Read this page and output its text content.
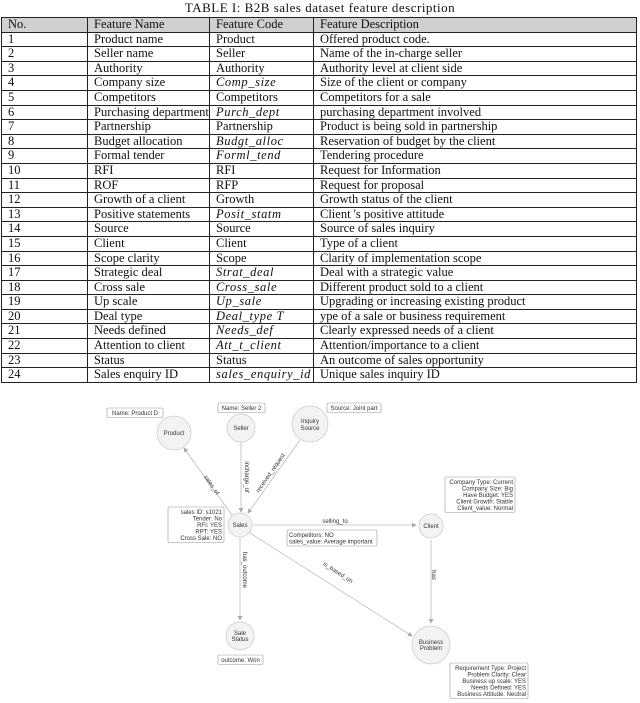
TABLE I: B2B sales dataset feature description
No.	Feature Name	Feature Code	Feature Description
1	Product name	Product	Offered product code.
2	Seller name	Seller	Name of the in-charge seller
3	Authority	Authority	Authority level at client side
4	Company size	Comp_size	Size of the client or company
5	Competitors	Competitors	Competitors for a sale
6	Purchasing department	Purch_dept	purchasing department involved
7	Partnership	Partnership	Product is being sold in partnership
8	Budget allocation	Budgt_alloc	Reservation of budget by the client
9	Formal tender	Forml_tend	Tendering procedure
10	RFI	RFI	Request for Information
11	ROF	RFP	Request for proposal
12	Growth of a client	Growth	Growth status of the client
13	Positive statements	Posit_statm	Client 's positive attitude
14	Source	Source	Source of sales inquiry
15	Client	Client	Type of a client
16	Scope clarity	Scope	Clarity of implementation scope
17	Strategic deal	Strat_deal	Deal with a strategic value
18	Cross sale	Cross_sale	Different product sold to a client
19	Up scale	Up_sale	Upgrading or increasing existing product
20	Deal type	Deal_type T	ype of a sale or business requirement
21	Needs defined	Needs_def	Clearly expressed needs of a client
22	Attention to client	Att_t_client	Attention/importance to a client
23	Status	Status	An outcome of sales opportunity
24	Sales enquiry ID	sales_enquiry_id	Unique sales inquiry ID
Product
Seller
Inquiry
Source
Sales	Client
Sale
Status	Business
Problem
sales_of	incharge_of received_request
selling_to
has_outcome	is_based_on	has
Name: Product D
Name: Seller 2	Source: Joint part
sales ID: s1021
Tender: No
RFI: YES
RPT: YES
Cross Sale: NO	Competitors: NO
sales_value: Average important
Company Type: Current
Company Size: Big
Have Budget: YES
Client Growth: Stable
Client_value: Normal
outcome: Won
Requirement Type: Project
Problem Clarity: Clear
Business up scale: YES
Needs Defined: YES
Business Attitude: Neutral
